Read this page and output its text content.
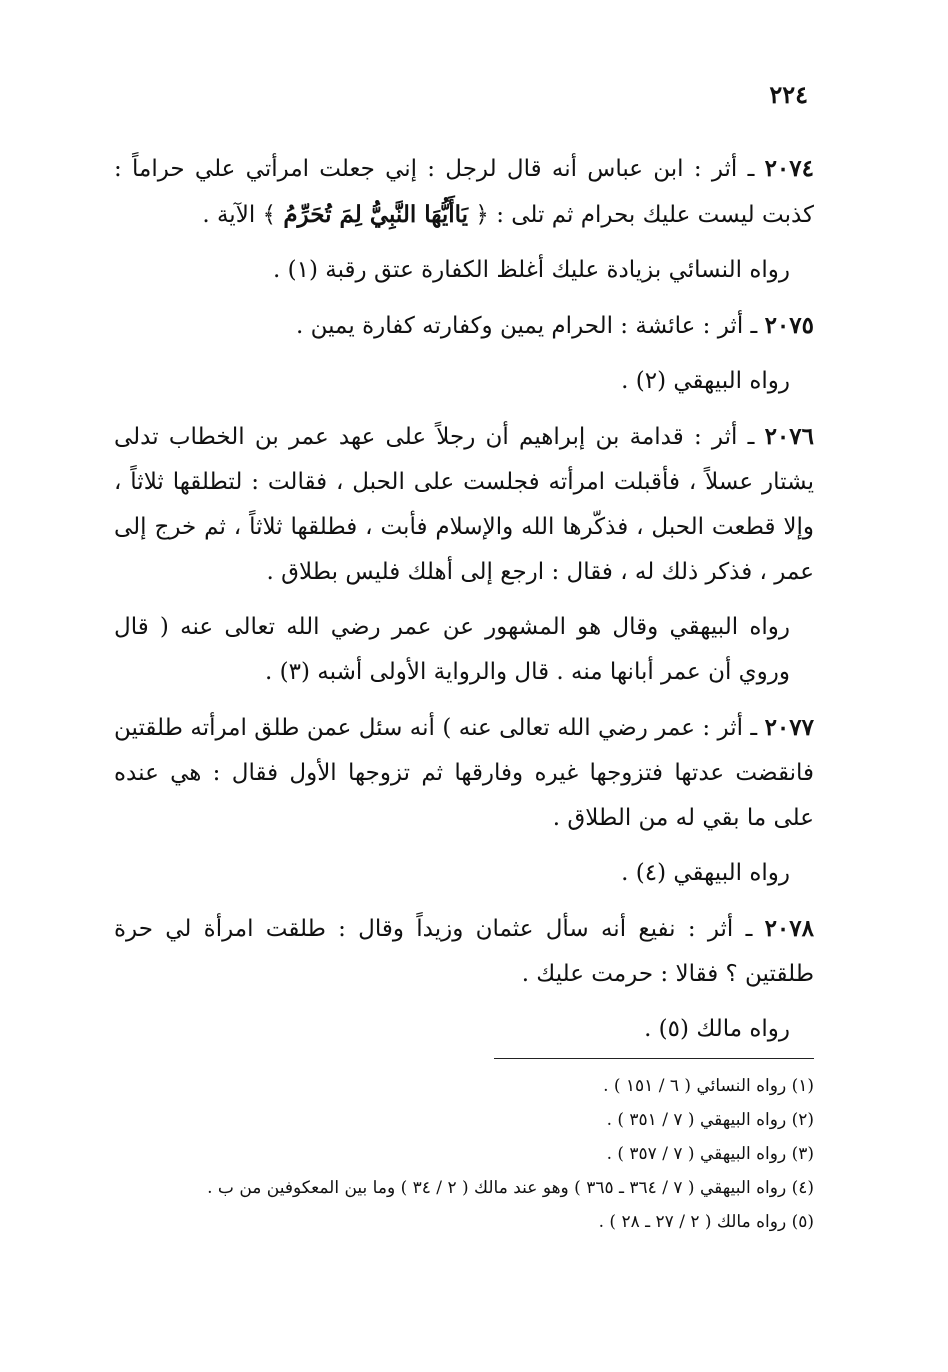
٢٢٤

٢٠٧٤ ـ أثر : ابن عباس أنه قال لرجل : إني جعلت امرأتي علي حراماً : كذبت ليست عليك بحرام ثم تلى : ﴿ يَاأَيُّهَا النَّبِيُّ لِمَ تُحَرِّمُ ﴾ الآية .

رواه النسائي بزيادة عليك أغلظ الكفارة عتق رقبة (١) .

٢٠٧٥ ـ أثر : عائشة : الحرام يمين وكفارته كفارة يمين .

رواه البيهقي (٢) .

٢٠٧٦ ـ أثر : قدامة بن إبراهيم أن رجلاً على عهد عمر بن الخطاب تدلى يشتار عسلاً ، فأقبلت امرأته فجلست على الحبل ، فقالت : لتطلقها ثلاثاً ، وإلا قطعت الحبل ، فذكّرها الله والإسلام فأبت ، فطلقها ثلاثاً ، ثم خرج إلى عمر ، فذكر ذلك له ، فقال : ارجع إلى أهلك فليس بطلاق .

رواه البيهقي وقال هو المشهور عن عمر رضي الله تعالى عنه ( قال وروي أن عمر أبانها منه . قال والرواية الأولى أشبه (٣) .

٢٠٧٧ ـ أثر : عمر رضي الله تعالى عنه ) أنه سئل عمن طلق امرأته طلقتين فانقضت عدتها فتزوجها غيره وفارقها ثم تزوجها الأول فقال : هي عنده على ما بقي له من الطلاق .

رواه البيهقي (٤) .

٢٠٧٨ ـ أثر : نفيع أنه سأل عثمان وزيداً وقال : طلقت امرأة لي حرة طلقتين ؟ فقالا : حرمت عليك .

رواه مالك (٥) .

(١) رواه النسائي ( ٦ / ١٥١ ) .

(٢) رواه البيهقي ( ٧ / ٣٥١ ) .

(٣) رواه البيهقي ( ٧ / ٣٥٧ ) .

(٤) رواه البيهقي ( ٧ / ٣٦٤ ـ ٣٦٥ ) وهو عند مالك ( ٢ / ٣٤ ) وما بين المعكوفين من ب .

(٥) رواه مالك ( ٢ / ٢٧ ـ ٢٨ ) .
